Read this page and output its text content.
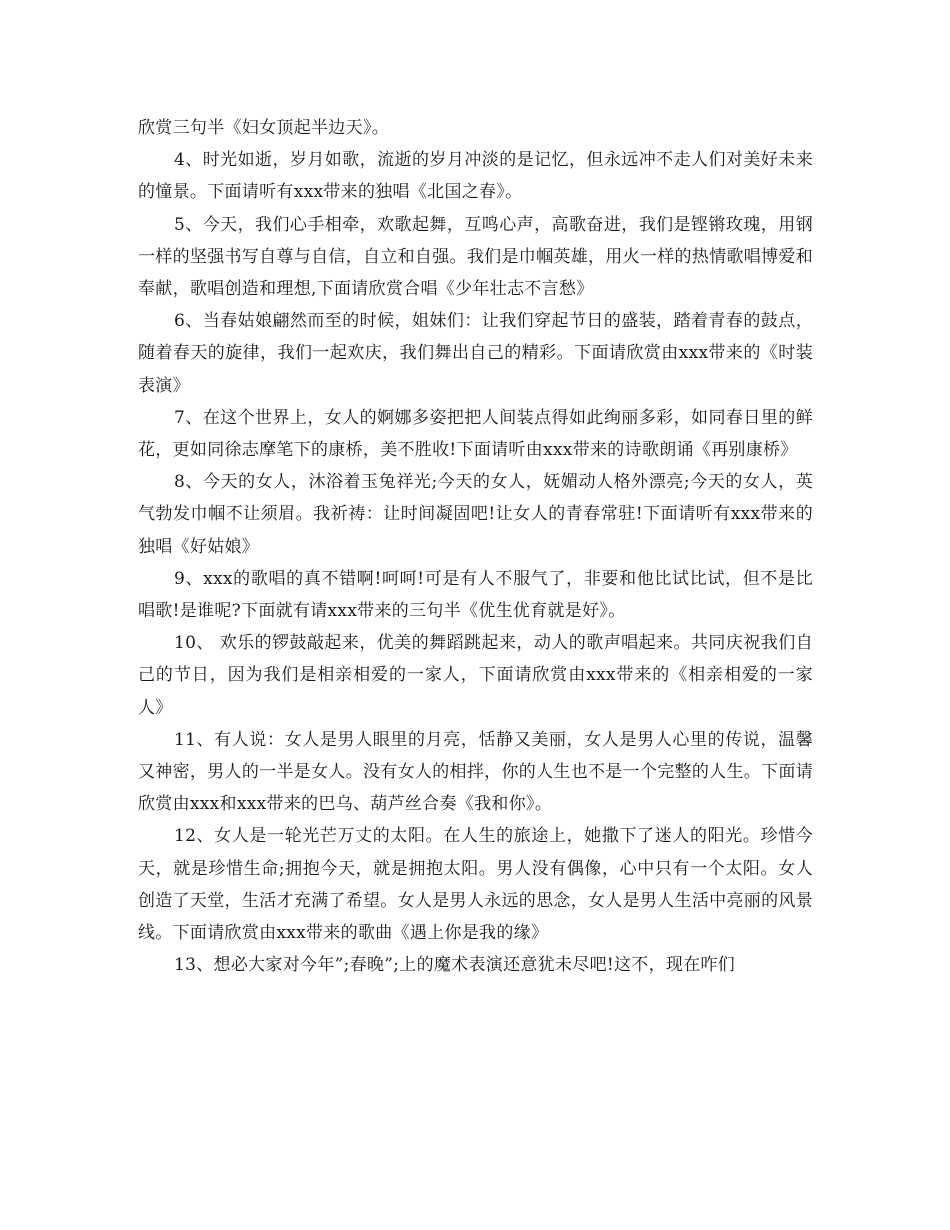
欣赏三句半《妇女顶起半边天》。

4、时光如逝，岁月如歌，流逝的岁月冲淡的是记忆，但永远冲不走人们对美好未来的憧景。下面请听有xxx带来的独唱《北国之春》。

5、今天，我们心手相牵，欢歌起舞，互鸣心声，高歌奋进，我们是铿锵玫瑰，用钢一样的坚强书写自尊与自信，自立和自强。我们是巾帼英雄，用火一样的热情歌唱博爱和奉献，歌唱创造和理想,下面请欣赏合唱《少年壮志不言愁》

6、当春姑娘翩然而至的时候，姐妹们：让我们穿起节日的盛装，踏着青春的鼓点，随着春天的旋律，我们一起欢庆，我们舞出自己的精彩。下面请欣赏由xxx带来的《时装表演》

7、在这个世界上，女人的婀娜多姿把把人间装点得如此绚丽多彩，如同春日里的鲜花，更如同徐志摩笔下的康桥，美不胜收!下面请听由xxx带来的诗歌朗诵《再别康桥》

8、今天的女人，沐浴着玉兔祥光;今天的女人，妩媚动人格外漂亮;今天的女人，英气勃发巾帼不让须眉。我祈祷：让时间凝固吧!让女人的青春常驻!下面请听有xxx带来的独唱《好姑娘》

9、xxx的歌唱的真不错啊!呵呵!可是有人不服气了，非要和他比试比试，但不是比唱歌!是谁呢?下面就有请xxx带来的三句半《优生优育就是好》。

10、 欢乐的锣鼓敲起来，优美的舞蹈跳起来，动人的歌声唱起来。共同庆祝我们自己的节日，因为我们是相亲相爱的一家人，下面请欣赏由xxx带来的《相亲相爱的一家人》

11、有人说：女人是男人眼里的月亮，恬静又美丽，女人是男人心里的传说，温馨又神密，男人的一半是女人。没有女人的相拌，你的人生也不是一个完整的人生。下面请欣赏由xxx和xxx带来的巴乌、葫芦丝合奏《我和你》。

12、女人是一轮光芒万丈的太阳。在人生的旅途上，她撒下了迷人的阳光。珍惜今天，就是珍惜生命;拥抱今天，就是拥抱太阳。男人没有偶像，心中只有一个太阳。女人创造了天堂，生活才充满了希望。女人是男人永远的思念，女人是男人生活中亮丽的风景线。下面请欣赏由xxx带来的歌曲《遇上你是我的缘》

13、想必大家对今年”;春晚”;上的魔术表演还意犹未尽吧!这不，现在咋们
